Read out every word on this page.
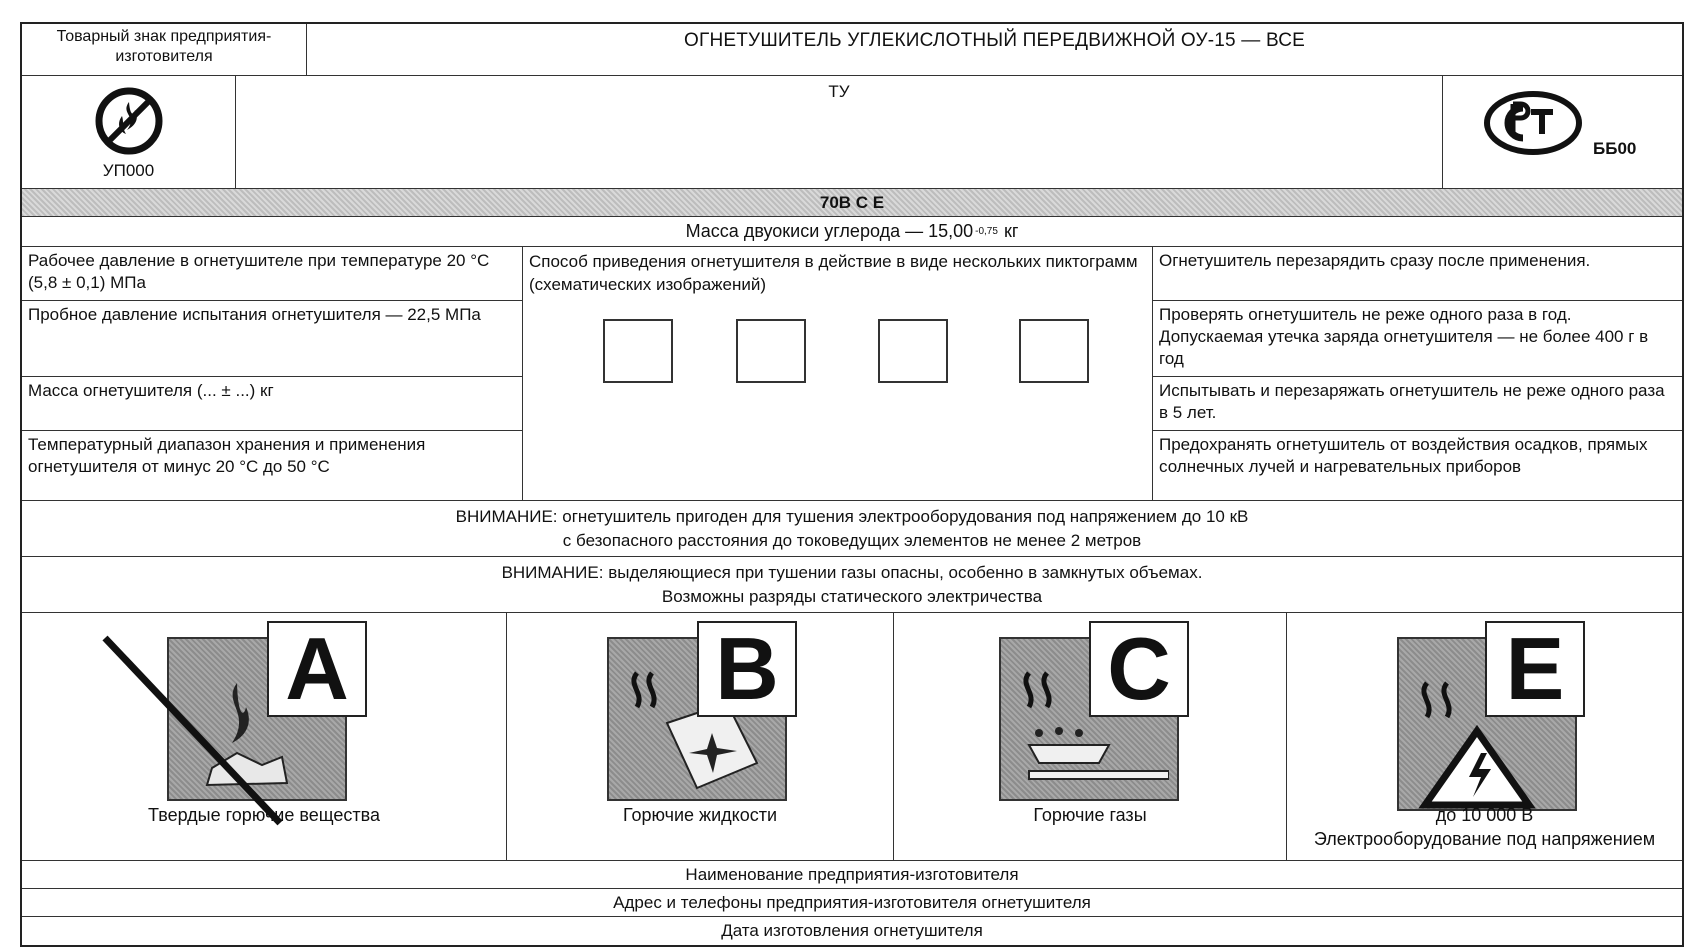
Товарный знак предприятия-изготовителя
ОГНЕТУШИТЕЛЬ УГЛЕКИСЛОТНЫЙ ПЕРЕДВИЖНОЙ ОУ-15 — ВСЕ
УП000
ТУ
ББ00
70В С Е
Масса двуокиси углерода — 15,00 -0,75 кг
Рабочее давление в огнетушителе при температуре 20 °С (5,8 ± 0,1) МПа
Пробное давление испытания огнетушителя — 22,5 МПа
Масса огнетушителя (... ± ...) кг
Температурный диапазон хранения и применения огнетушителя от минус 20 °С до 50 °С
Способ приведения огнетушителя в действие в виде нескольких пиктограмм (схематических изображений)
Огнетушитель перезарядить сразу после применения.
Проверять огнетушитель не реже одного раза в год. Допускаемая утечка заряда огнетушителя — не более 400 г в год
Испытывать и перезаряжать огнетушитель не реже одного раза в 5 лет.
Предохранять огнетушитель от воздействия осадков, прямых солнечных лучей и нагревательных приборов
ВНИМАНИЕ: огнетушитель пригоден для тушения электрооборудования под напряжением до 10 кВ
с безопасного расстояния до токоведущих элементов не менее 2 метров
ВНИМАНИЕ: выделяющиеся при тушении газы опасны, особенно в замкнутых объемах.
Возможны разряды статического электричества
A
Твердые горючие вещества
B
Горючие жидкости
C
Горючие газы
E
до 10 000 В
Электрооборудование под напряжением
Наименование предприятия-изготовителя
Адрес и телефоны предприятия-изготовителя огнетушителя
Дата изготовления огнетушителя
